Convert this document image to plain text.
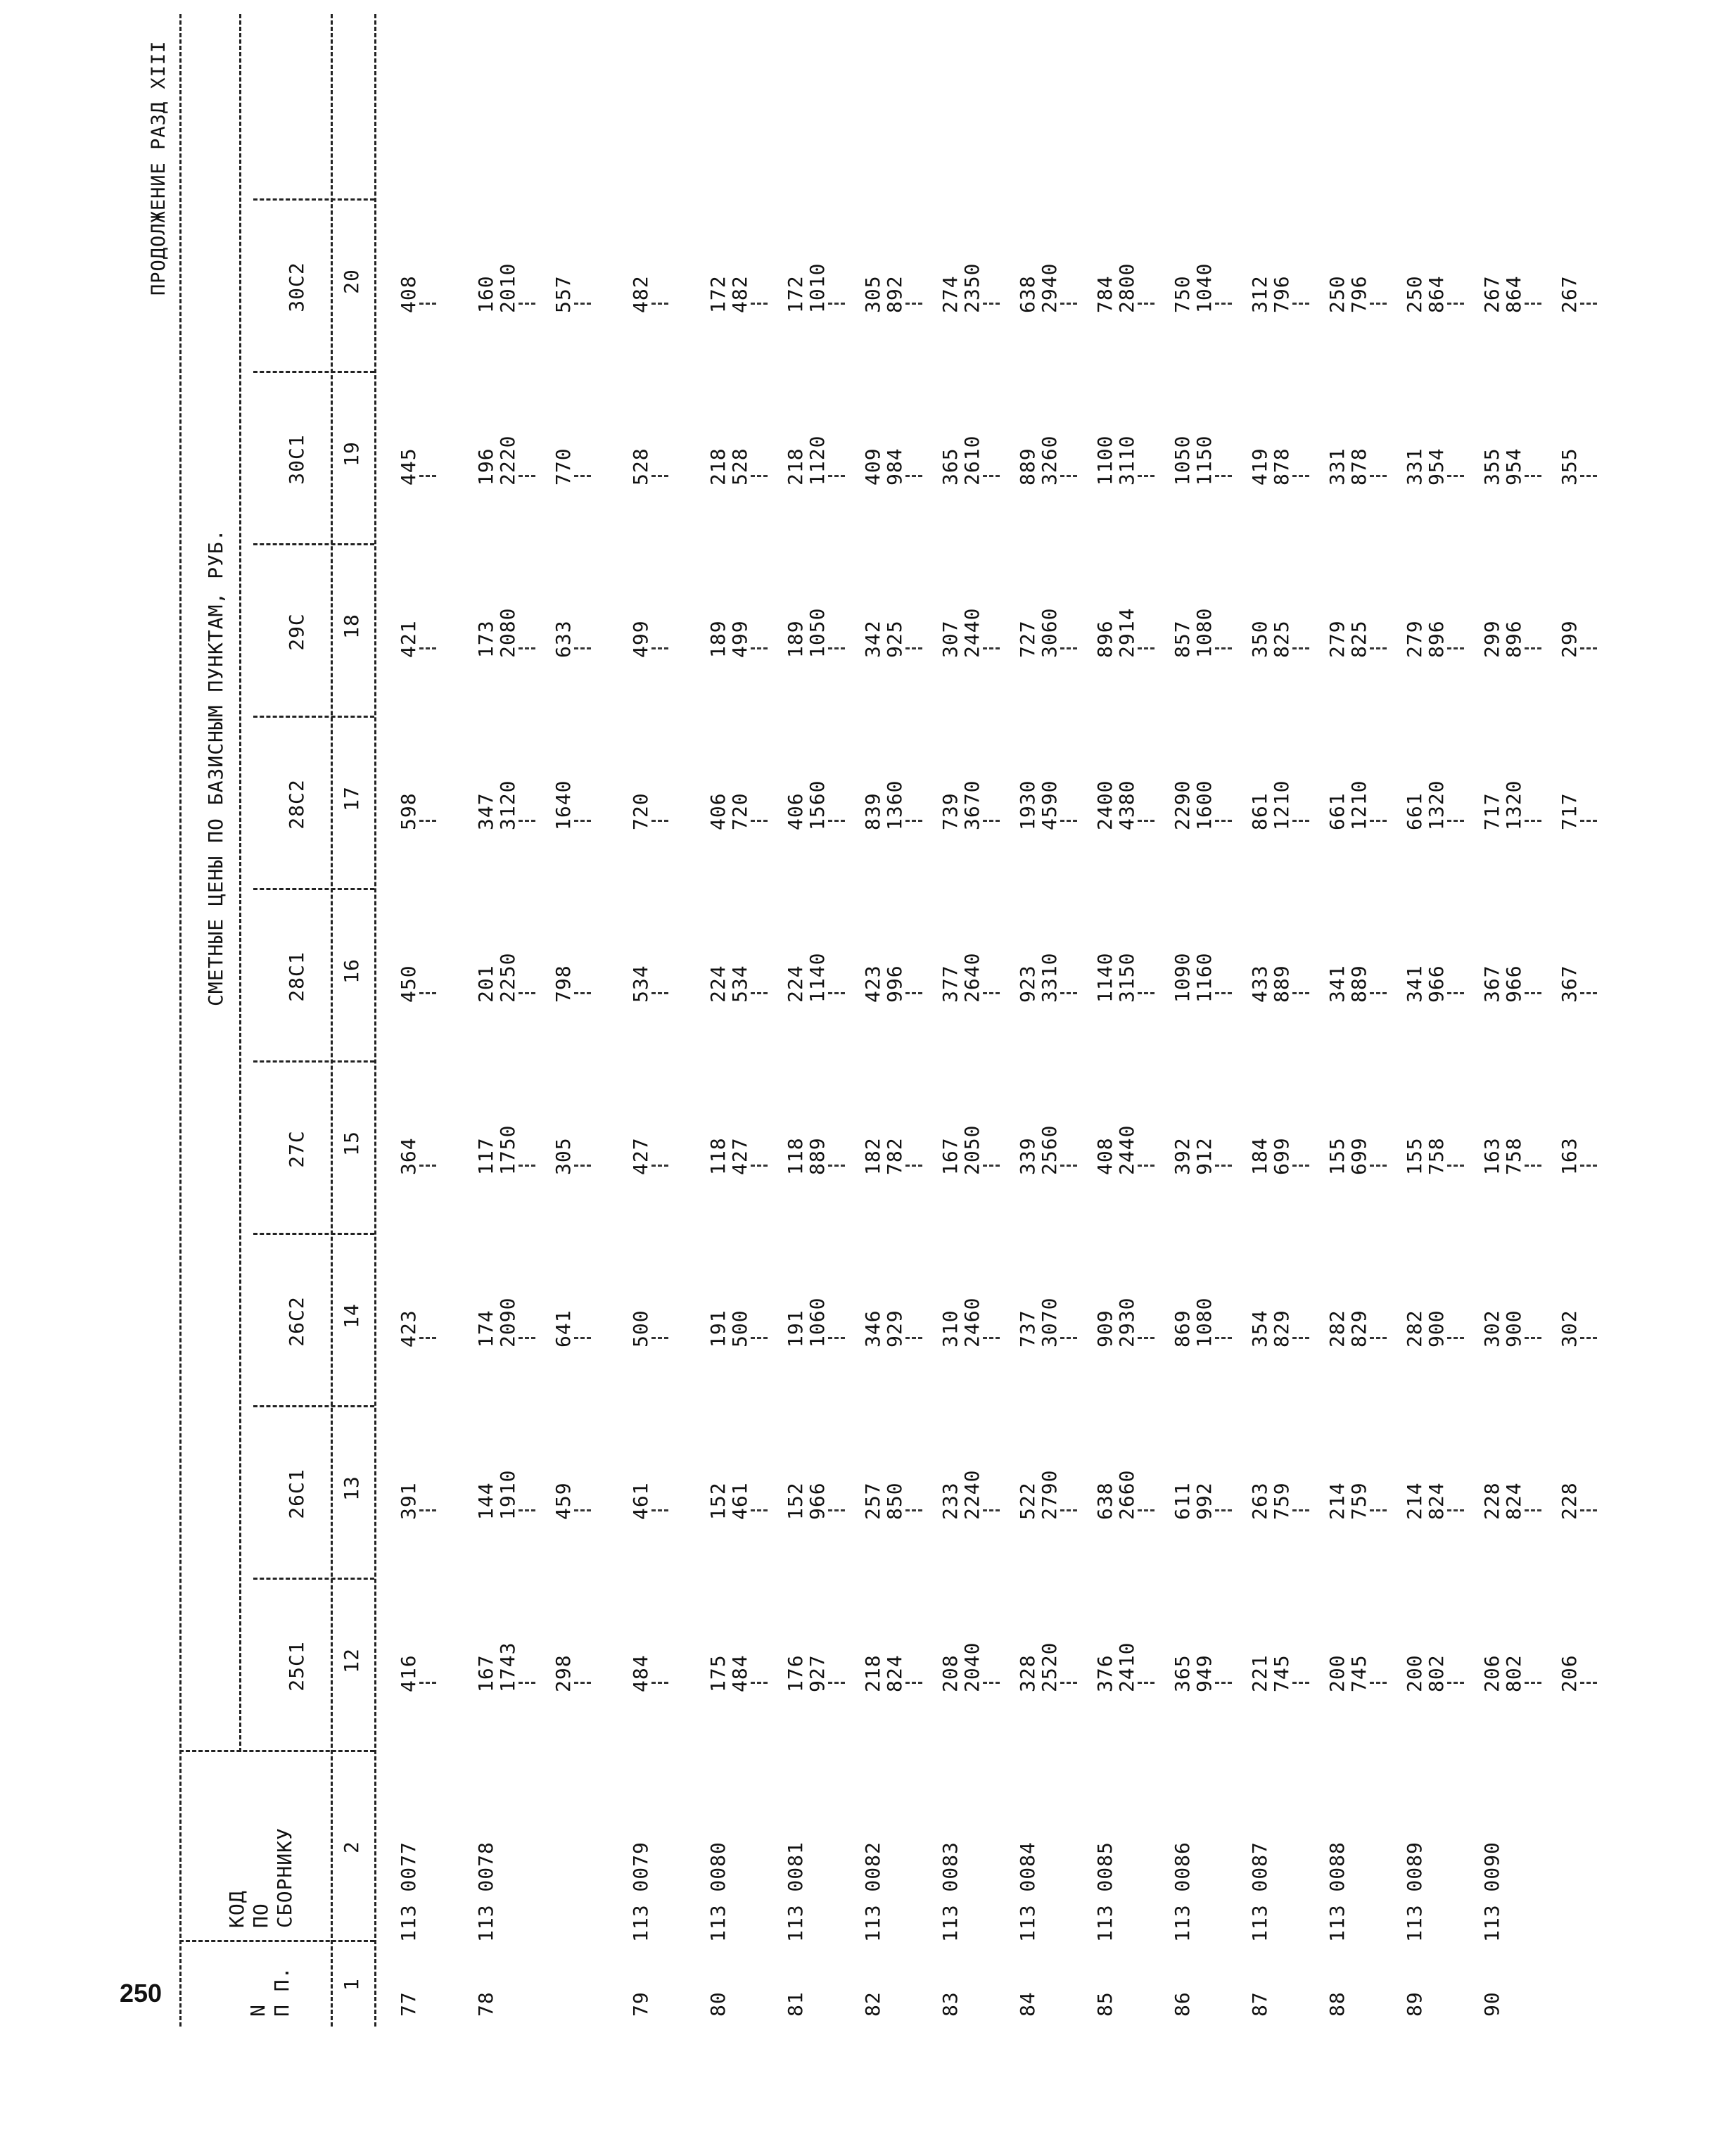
250
ПРОДОЛЖЕНИЕ РАЗД XIII
N П П.
КОД ПО СБОРНИКУ
СМЕТНЫЕ ЦЕНЫ ПО БАЗИСНЫМ ПУНКТАМ, РУБ.
25С1
26С1
26С2
27С
28С1
28С2
29С
30С1
30С2
1
2
12
13
14
15
16
17
18
19
20
77
113 0077
416
391
423
364
450
598
421
445
408
78
113 0078
167
1743
144
1910
174
2090
117
1750
201
2250
347
3120
173
2080
196
2220
160
2010
298
459
641
305
798
1640
633
770
557
79
113 0079
484
461
500
427
534
720
499
528
482
80
113 0080
175
484
152
461
191
500
118
427
224
534
406
720
189
499
218
528
172
482
81
113 0081
176
927
152
966
191
1060
118
889
224
1140
406
1560
189
1050
218
1120
172
1010
82
113 0082
218
824
257
850
346
929
182
782
423
996
839
1360
342
925
409
984
305
892
83
113 0083
208
2040
233
2240
310
2460
167
2050
377
2640
739
3670
307
2440
365
2610
274
2350
84
113 0084
328
2520
522
2790
737
3070
339
2560
923
3310
1930
4590
727
3060
889
3260
638
2940
85
113 0085
376
2410
638
2660
909
2930
408
2440
1140
3150
2400
4380
896
2914
1100
3110
784
2800
86
113 0086
365
949
611
992
869
1080
392
912
1090
1160
2290
1600
857
1080
1050
1150
750
1040
87
113 0087
221
745
263
759
354
829
184
699
433
889
861
1210
350
825
419
878
312
796
88
113 0088
200
745
214
759
282
829
155
699
341
889
661
1210
279
825
331
878
250
796
89
113 0089
200
802
214
824
282
900
155
758
341
966
661
1320
279
896
331
954
250
864
90
113 0090
206
802
228
824
302
900
163
758
367
966
717
1320
299
896
355
954
267
864
206
228
302
163
367
717
299
355
267
